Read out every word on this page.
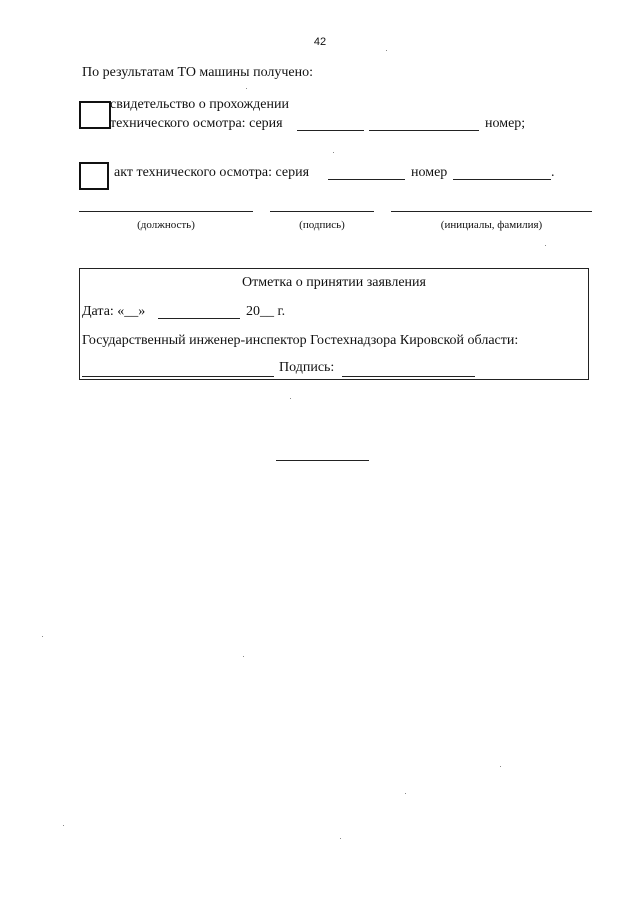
42
По результатам ТО машины получено:
свидетельство о прохождении
технического осмотра: серия	номер;
акт технического осмотра: серия	номер	.
(должность)	(подпись)	(инициалы, фамилия)
Отметка о принятии заявления
Дата: «__»	20__ г.
Государственный инженер-инспектор Гостехнадзора Кировской области:
Подпись:
